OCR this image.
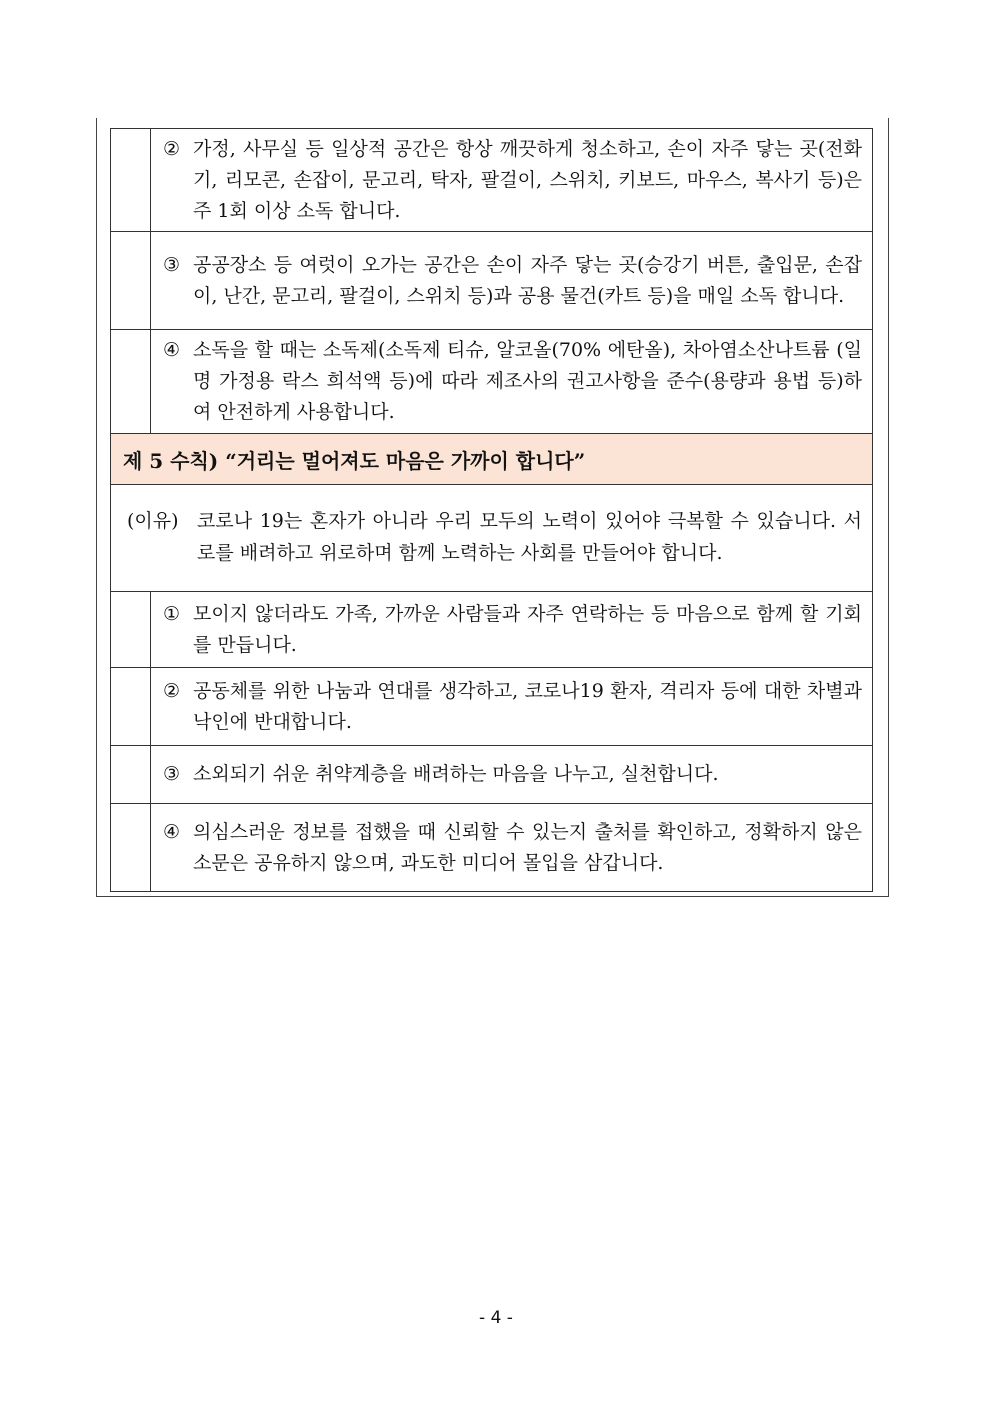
	② 가정, 사무실 등 일상적 공간은 항상 깨끗하게 청소하고, 손이 자주 닿는 곳(전화기, 리모콘, 손잡이, 문고리, 탁자, 팔걸이, 스위치, 키보드, 마우스, 복사기 등)은 주 1회 이상 소독 합니다.

	③ 공공장소 등 여럿이 오가는 공간은 손이 자주 닿는 곳(승강기 버튼, 출입문, 손잡이, 난간, 문고리, 팔걸이, 스위치 등)과 공용 물건(카트 등)을 매일 소독 합니다.

	④ 소독을 할 때는 소독제(소독제 티슈, 알코올(70% 에탄올), 차아염소산나트륨 (일명 가정용 락스 희석액 등)에 따라 제조사의 권고사항을 준수(용량과 용법 등)하여 안전하게 사용합니다.

제 5 수칙) “거리는 멀어져도 마음은 가까이 합니다”	

(이유) 코로나 19는 혼자가 아니라 우리 모두의 노력이 있어야 극복할 수 있습니다. 서로를 배려하고 위로하며 함께 노력하는 사회를 만들어야 합니다.	

	① 모이지 않더라도 가족, 가까운 사람들과 자주 연락하는 등 마음으로 함께 할 기회를 만듭니다.

	② 공동체를 위한 나눔과 연대를 생각하고, 코로나19 환자, 격리자 등에 대한 차별과 낙인에 반대합니다.

	③ 소외되기 쉬운 취약계층을 배려하는 마음을 나누고, 실천합니다.

	④ 의심스러운 정보를 접했을 때 신뢰할 수 있는지 출처를 확인하고, 정확하지 않은 소문은 공유하지 않으며, 과도한 미디어 몰입을 삼갑니다.
- 4 -
